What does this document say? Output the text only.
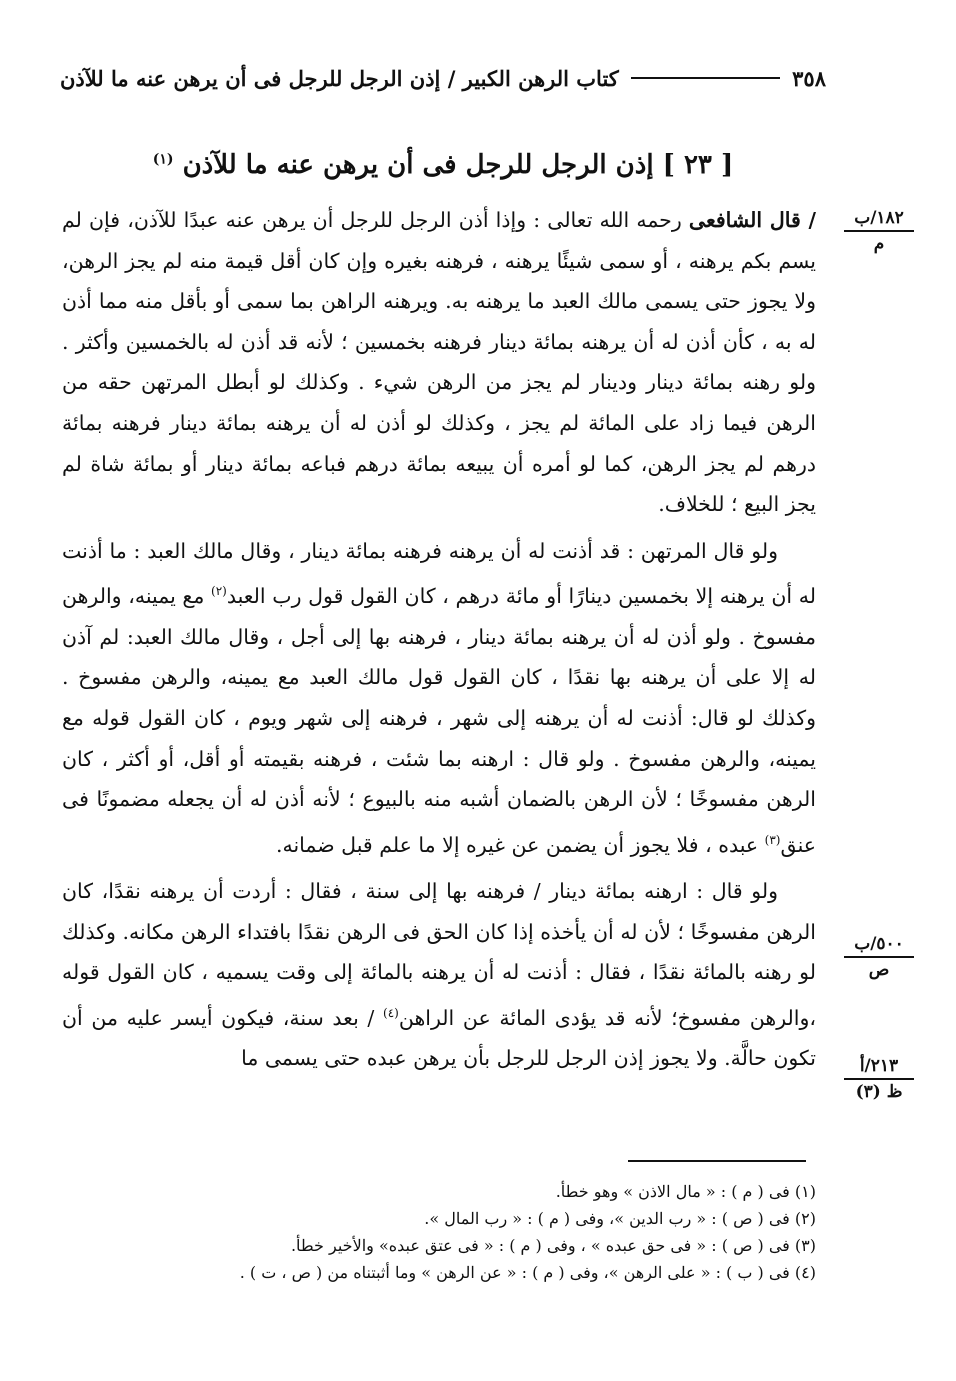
٣٥٨
كتاب الرهن الكبير / إذن الرجل للرجل فى أن يرهن عنه ما للآذن
[ ٢٣ ] إذن الرجل للرجل فى أن يرهن عنه ما للآذن $^{(١)}$
١٨٢/ب
م
٥٠٠/ب
ص
٢١٣/أ
ظ (٣)

/ قال الشافعى رحمه الله تعالى : وإذا أذن الرجل للرجل أن يرهن عنه عبدًا للآذن، فإن لم يسم بكم يرهنه ، أو سمى شيئًا يرهنه ، فرهنه بغيره وإن كان أقل قيمة منه لم يجز الرهن، ولا يجوز حتى يسمى مالك العبد ما يرهنه به. ويرهنه الراهن بما سمى أو بأقل منه مما أذن له به ، كأن أذن له أن يرهنه بمائة دينار فرهنه بخمسين ؛ لأنه قد أذن له بالخمسين وأكثر . ولو رهنه بمائة دينار ودينار لم يجز من الرهن شيء . وكذلك لو أبطل المرتهن حقه من الرهن فيما زاد على المائة لم يجز ، وكذلك لو أذن له أن يرهنه بمائة دينار فرهنه بمائة درهم لم يجز الرهن، كما لو أمره أن يبيعه بمائة درهم فباعه بمائة دينار أو بمائة شاة لم يجز البيع ؛ للخلاف.

ولو قال المرتهن : قد أذنت له أن يرهنه فرهنه بمائة دينار ، وقال مالك العبد : ما أذنت له أن يرهنه إلا بخمسين دينارًا أو مائة درهم ، كان القول قول رب العبد$^{(٢)}$ مع يمينه، والرهن مفسوخ . ولو أذن له أن يرهنه بمائة دينار ، فرهنه بها إلى أجل ، وقال مالك العبد: لم آذن له إلا على أن يرهنه بها نقدًا ، كان القول قول مالك العبد مع يمينه، والرهن مفسوخ . وكذلك لو قال: أذنت له أن يرهنه إلى شهر ، فرهنه إلى شهر ويوم ، كان القول قوله مع يمينه، والرهن مفسوخ . ولو قال : ارهنه بما شئت ، فرهنه بقيمته أو أقل، أو أكثر ، كان الرهن مفسوخًا ؛ لأن الرهن بالضمان أشبه منه بالبيوع ؛ لأنه أذن له أن يجعله مضمونًا فى عنق$^{(٣)}$ عبده ، فلا يجوز أن يضمن عن غيره إلا ما علم قبل ضمانه.

ولو قال : ارهنه بمائة دينار / فرهنه بها إلى سنة ، فقال : أردت أن يرهنه نقدًا، كان الرهن مفسوخًا ؛ لأن له أن يأخذه إذا كان الحق فى الرهن نقدًا بافتداء الرهن مكانه. وكذلك لو رهنه بالمائة نقدًا ، فقال : أذنت له أن يرهنه بالمائة إلى وقت يسميه ، كان القول قوله ،والرهن مفسوخ؛ لأنه قد يؤدى المائة عن الراهن$^{(٤)}$ / بعد سنة، فيكون أيسر عليه من أن تكون حالَّة. ولا يجوز إذن الرجل للرجل بأن يرهن عبده حتى يسمى ما

(١) فى ( م ) : « مال الاذن » وهو خطأ.
(٢) فى ( ص ) : « رب الدين »، وفى ( م ) : « رب المال ».
(٣) فى ( ص ) : « فى حق عبده » ، وفى ( م ) : « فى عتق عبده» والأخير خطأ.
(٤) فى ( ب ) : « على الرهن »، وفى ( م ) : « عن الرهن » وما أثبتناه من ( ص ، ت ) .
